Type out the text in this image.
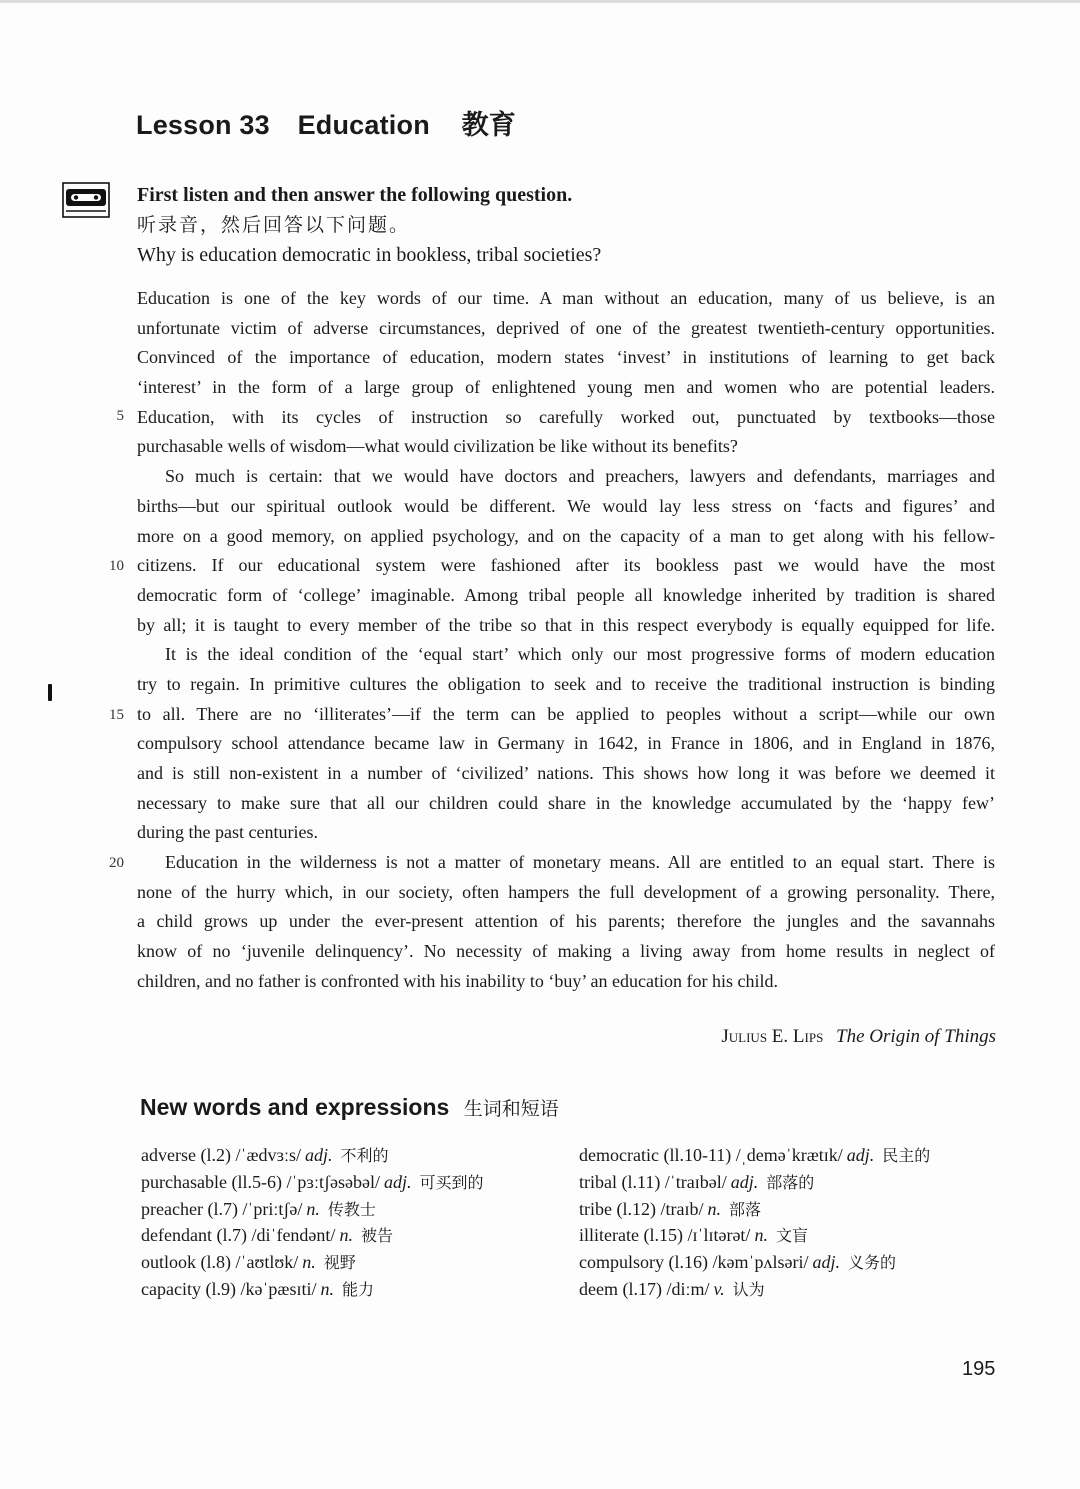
Lesson 33 Education 教育
First listen and then answer the following question.
听录音，然后回答以下问题。
Why is education democratic in bookless, tribal societies?
Education is one of the key words of our time. A man without an education, many of us believe, is an
unfortunate victim of adverse circumstances, deprived of one of the greatest twentieth-century opportunities.
Convinced of the importance of education, modern states ‘invest’ in institutions of learning to get back
‘interest’ in the form of a large group of enlightened young men and women who are potential leaders.
Education, with its cycles of instruction so carefully worked out, punctuated by textbooks—those
purchasable wells of wisdom—what would civilization be like without its benefits?
So much is certain: that we would have doctors and preachers, lawyers and defendants, marriages and
births—but our spiritual outlook would be different. We would lay less stress on ‘facts and figures’ and
more on a good memory, on applied psychology, and on the capacity of a man to get along with his fellow-
citizens. If our educational system were fashioned after its bookless past we would have the most
democratic form of ‘college’ imaginable. Among tribal people all knowledge inherited by tradition is shared
by all; it is taught to every member of the tribe so that in this respect everybody is equally equipped for life.
It is the ideal condition of the ‘equal start’ which only our most progressive forms of modern education
try to regain. In primitive cultures the obligation to seek and to receive the traditional instruction is binding
to all. There are no ‘illiterates’—if the term can be applied to peoples without a script—while our own
compulsory school attendance became law in Germany in 1642, in France in 1806, and in England in 1876,
and is still non-existent in a number of ‘civilized’ nations. This shows how long it was before we deemed it
necessary to make sure that all our children could share in the knowledge accumulated by the ‘happy few’
during the past centuries.
Education in the wilderness is not a matter of monetary means. All are entitled to an equal start. There is
none of the hurry which, in our society, often hampers the full development of a growing personality. There,
a child grows up under the ever-present attention of his parents; therefore the jungles and the savannahs
know of no ‘juvenile delinquency’. No necessity of making a living away from home results in neglect of
children, and no father is confronted with his inability to ‘buy’ an education for his child.
5
10
15
20
Julius E. Lips The Origin of Things
New words and expressions 生词和短语
adverse (l.2) /ˈædvɜːs/ adj. 不利的
purchasable (ll.5-6) /ˈpɜːtʃəsəbəl/ adj. 可买到的
preacher (l.7) /ˈpriːtʃə/ n. 传教士
defendant (l.7) /diˈfendənt/ n. 被告
outlook (l.8) /ˈaʊtlʊk/ n. 视野
capacity (l.9) /kəˈpæsɪti/ n. 能力
democratic (ll.10-11) /ˌdeməˈkrætɪk/ adj. 民主的
tribal (l.11) /ˈtraɪbəl/ adj. 部落的
tribe (l.12) /traɪb/ n. 部落
illiterate (l.15) /ɪˈlɪtərət/ n. 文盲
compulsory (l.16) /kəmˈpʌlsəri/ adj. 义务的
deem (l.17) /diːm/ v. 认为
195
